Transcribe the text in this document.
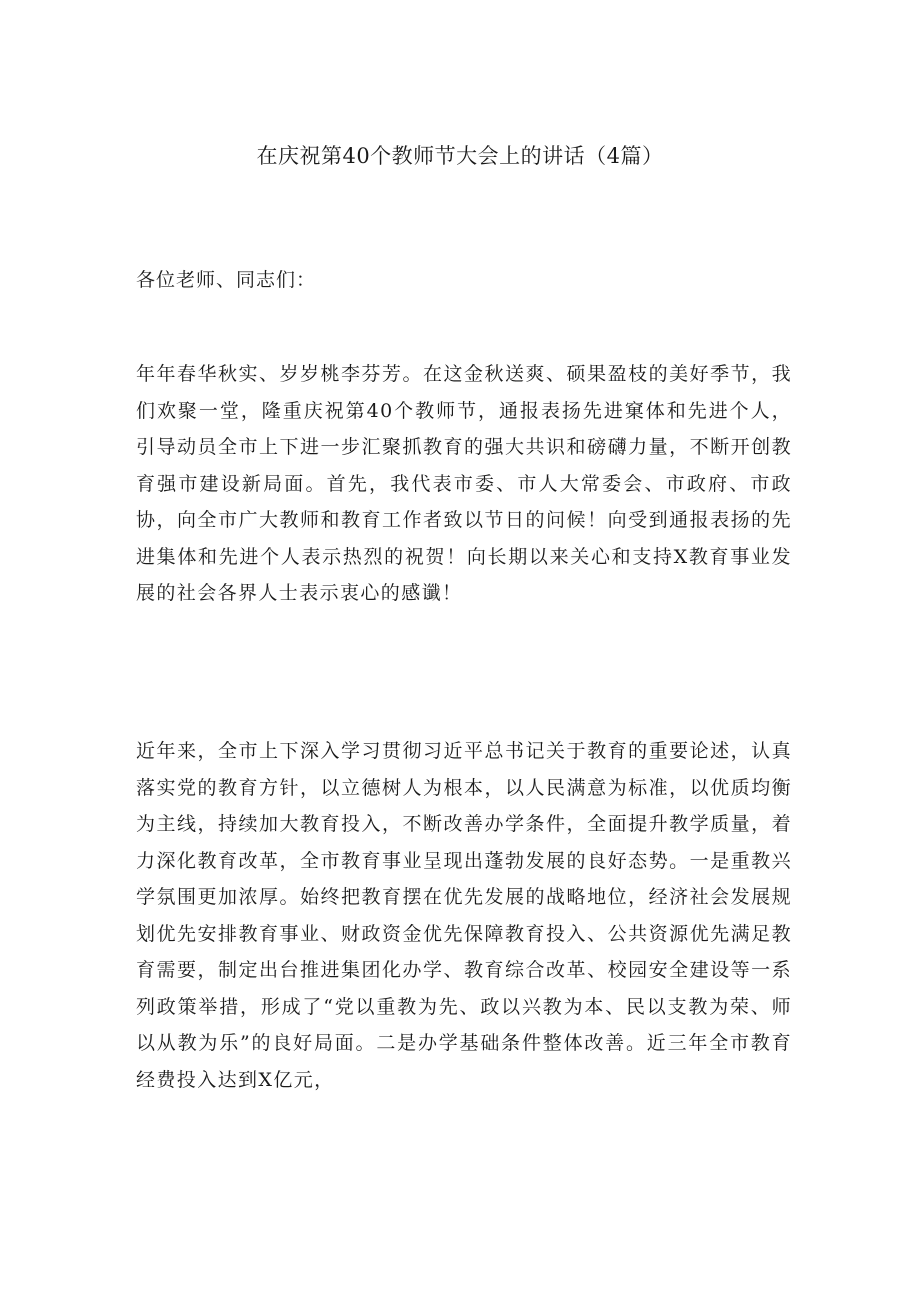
在庆祝第40个教师节大会上的讲话（4篇）
各位老师、同志们：

年年春华秋实、岁岁桃李芬芳。在这金秋送爽、硕果盈枝的美好季节，我们欢聚一堂，隆重庆祝第40个教师节，通报表扬先进窠体和先进个人，引导动员全市上下进一步汇聚抓教育的强大共识和磅礴力量，不断开创教育强市建设新局面。首先，我代表市委、市人大常委会、市政府、市政协，向全市广大教师和教育工作者致以节日的问候！向受到通报表扬的先进集体和先进个人表示热烈的祝贺！向长期以来关心和支持X教育事业发展的社会各界人士表示衷心的感谶！

近年来，全市上下深入学习贯彻习近平总书记关于教育的重要论述，认真落实党的教育方针，以立德树人为根本，以人民满意为标准，以优质均衡为主线，持续加大教育投入，不断改善办学条件，全面提升教学质量，着力深化教育改革，全市教育事业呈现出蓬勃发展的良好态势。一是重教兴学氛围更加浓厚。始终把教育摆在优先发展的战略地位，经济社会发展规划优先安排教育事业、财政资金优先保障教育投入、公共资源优先满足教育需要，制定出台推进集团化办学、教育综合改革、校园安全建设等一系列政策举措，形成了“党以重教为先、政以兴教为本、民以支教为荣、师以从教为乐”的良好局面。二是办学基础条件整体改善。近三年全市教育经费投入达到X亿元，
